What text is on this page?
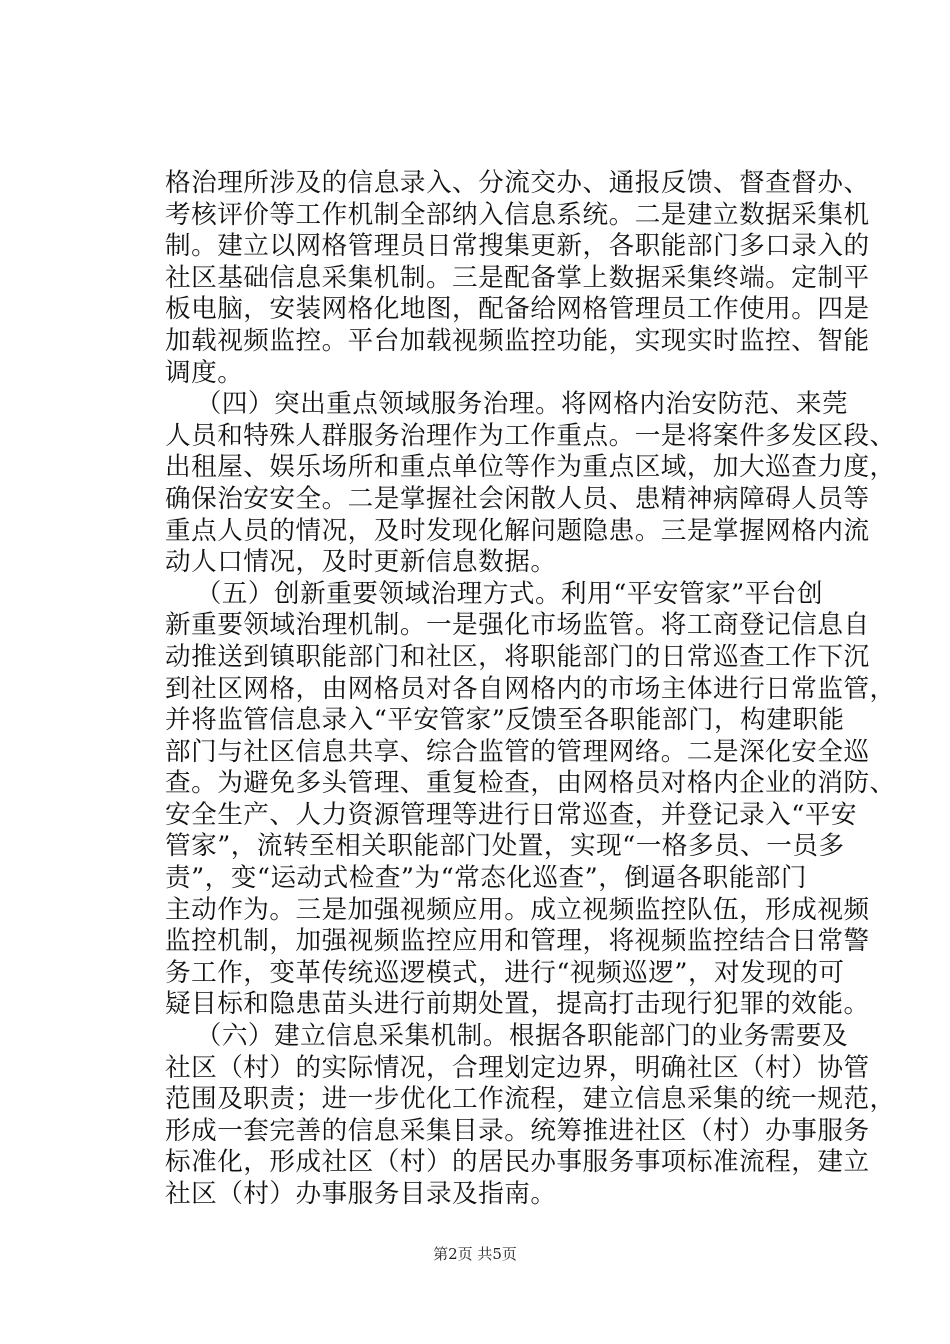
格治理所涉及的信息录入、分流交办、通报反馈、督查督办、
考核评价等工作机制全部纳入信息系统。二是建立数据采集机
制。建立以网格管理员日常搜集更新，各职能部门多口录入的
社区基础信息采集机制。三是配备掌上数据采集终端。定制平
板电脑，安装网格化地图，配备给网格管理员工作使用。四是
加载视频监控。平台加载视频监控功能，实现实时监控、智能
调度。
（四）突出重点领域服务治理。将网格内治安防范、来莞
人员和特殊人群服务治理作为工作重点。一是将案件多发区段、
出租屋、娱乐场所和重点单位等作为重点区域，加大巡查力度，
确保治安安全。二是掌握社会闲散人员、患精神病障碍人员等
重点人员的情况，及时发现化解问题隐患。三是掌握网格内流
动人口情况，及时更新信息数据。
（五）创新重要领域治理方式。利用“平安管家”平台创
新重要领域治理机制。一是强化市场监管。将工商登记信息自
动推送到镇职能部门和社区，将职能部门的日常巡查工作下沉
到社区网格，由网格员对各自网格内的市场主体进行日常监管，
并将监管信息录入“平安管家”反馈至各职能部门，构建职能
部门与社区信息共享、综合监管的管理网络。二是深化安全巡
查。为避免多头管理、重复检查，由网格员对格内企业的消防、
安全生产、人力资源管理等进行日常巡查，并登记录入“平安
管家”，流转至相关职能部门处置，实现“一格多员、一员多
责”，变“运动式检查”为“常态化巡查”，倒逼各职能部门
主动作为。三是加强视频应用。成立视频监控队伍，形成视频
监控机制，加强视频监控应用和管理，将视频监控结合日常警
务工作，变革传统巡逻模式，进行“视频巡逻”，对发现的可
疑目标和隐患苗头进行前期处置，提高打击现行犯罪的效能。
（六）建立信息采集机制。根据各职能部门的业务需要及
社区（村）的实际情况，合理划定边界，明确社区（村）协管
范围及职责；进一步优化工作流程，建立信息采集的统一规范，
形成一套完善的信息采集目录。统筹推进社区（村）办事服务
标准化，形成社区（村）的居民办事服务事项标准流程，建立
社区（村）办事服务目录及指南。
第2页 共5页
